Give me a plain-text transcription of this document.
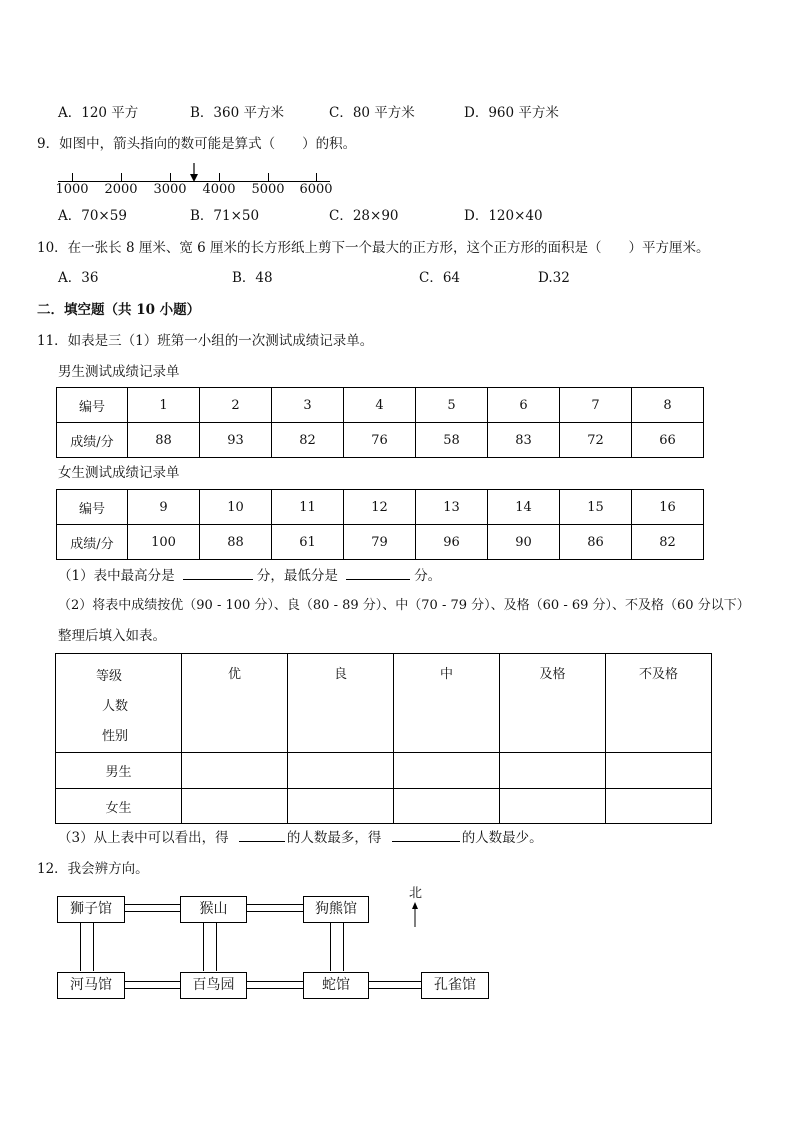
A．120 平方	B．360 平方米	C．80 平方米	D．960 平方米
9．如图中，箭头指向的数可能是算式（　　）的积。
1000 2000 3000 4000 5000 6000
A．70×59	B．71×50	C．28×90	D．120×40
10．在一张长 8 厘米、宽 6 厘米的长方形纸上剪下一个最大的正方形，这个正方形的面积是（　　）平方厘米。
A．36	B．48	C．64	D.32
二．填空题（共 10 小题）
11．如表是三（1）班第一小组的一次测试成绩记录单。
男生测试成绩记录单
编号	1	2	3	4	5	6	7	8
成绩/分	88	93	82	76	58	83	72	66
女生测试成绩记录单
编号	9	10	11	12	13	14	15	16
成绩/分	100	88	61	79	96	90	86	82
（1）表中最高分是	分，最低分是	分。
（2）将表中成绩按优（90 - 100 分）、良（80 - 89 分）、中（70 - 79 分）、及格（60 - 69 分）、不及格（60 分以下）
整理后填入如表。
等级
人数
性别	优	良	中	及格	不及格
男生					
女生					
（3）从上表中可以看出，得	的人数最多，得	的人数最少。
12．我会辨方向。
狮子馆	猴山	狗熊馆
河马馆	百鸟园	蛇馆	孔雀馆
北
